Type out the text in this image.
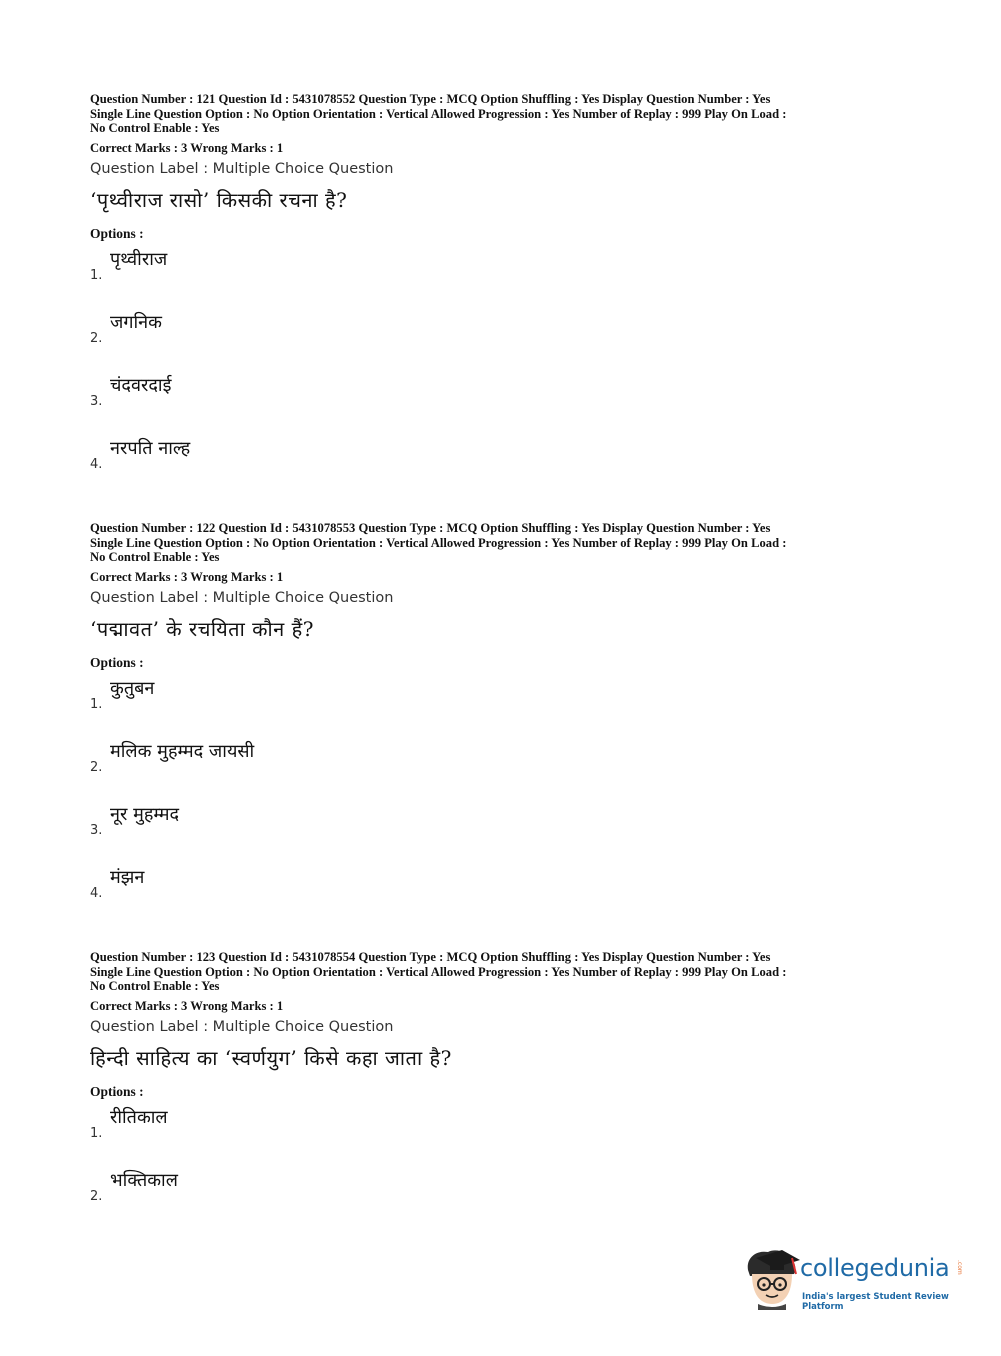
Question Number : 121 Question Id : 5431078552 Question Type : MCQ Option Shuffling : Yes Display Question Number : Yes

Single Line Question Option : No Option Orientation : Vertical Allowed Progression : Yes Number of Replay : 999 Play On Load :

No Control Enable : Yes

Correct Marks : 3 Wrong Marks : 1
Question Label : Multiple Choice Question
‘पृथ्वीराज रासो’ किसकी रचना है?
Options :
1.
पृथ्वीराज
2.
जगनिक
3.
चंदवरदाई
4.
नरपति नाल्ह

Question Number : 122 Question Id : 5431078553 Question Type : MCQ Option Shuffling : Yes Display Question Number : Yes

Single Line Question Option : No Option Orientation : Vertical Allowed Progression : Yes Number of Replay : 999 Play On Load :

No Control Enable : Yes

Correct Marks : 3 Wrong Marks : 1
Question Label : Multiple Choice Question
‘पद्मावत’ के रचयिता कौन हैं?
Options :
1.
कुतुबन
2.
मलिक मुहम्मद जायसी
3.
नूर मुहम्मद
4.
मंझन

Question Number : 123 Question Id : 5431078554 Question Type : MCQ Option Shuffling : Yes Display Question Number : Yes

Single Line Question Option : No Option Orientation : Vertical Allowed Progression : Yes Number of Replay : 999 Play On Load :

No Control Enable : Yes

Correct Marks : 3 Wrong Marks : 1
Question Label : Multiple Choice Question
हिन्दी साहित्य का ‘स्वर्णयुग’ किसे कहा जाता है?
Options :
1.
रीतिकाल
2.
भक्तिकाल
collegedunia .com
India's largest Student Review Platform
